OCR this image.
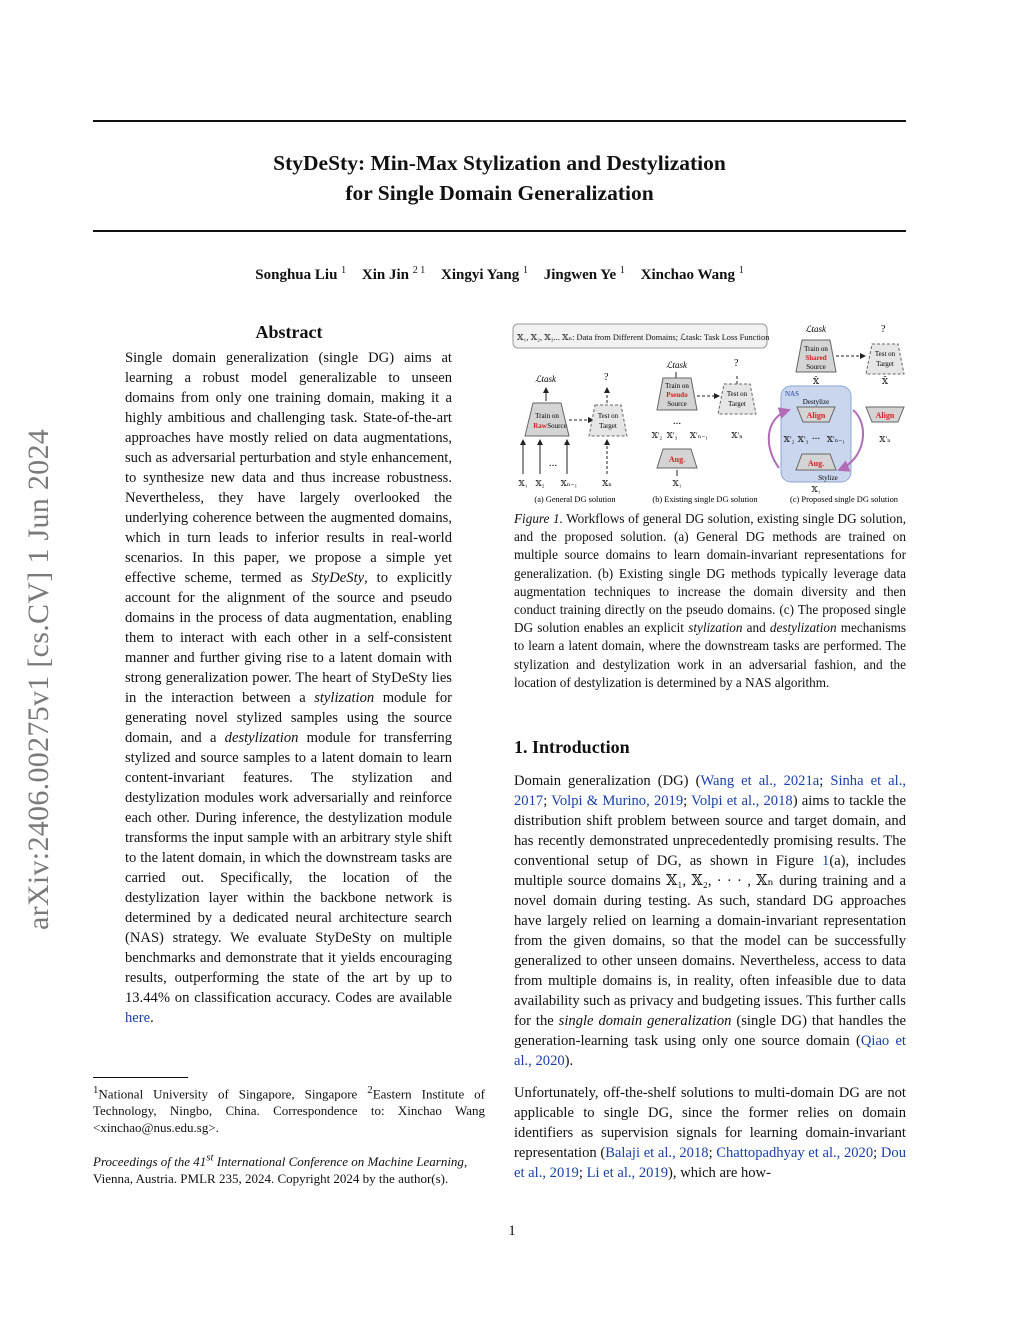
arXiv:2406.00275v1 [cs.CV] 1 Jun 2024
StyDeSty: Min-Max Stylization and Destylization
for Single Domain Generalization
Songhua Liu $^1$ Xin Jin $^{2 1}$ Xingyi Yang $^1$ Jingwen Ye $^1$ Xinchao Wang $^1$
Abstract
Single domain generalization (single DG) aims at learning a robust model generalizable to unseen domains from only one training domain, making it a highly ambitious and challenging task. State-of-the-art approaches have mostly relied on data augmentations, such as adversarial perturbation and style enhancement, to synthesize new data and thus increase robustness. Nevertheless, they have largely overlooked the underlying coherence between the augmented domains, which in turn leads to inferior results in real-world scenarios. In this paper, we propose a simple yet effective scheme, termed as StyDeSty, to explicitly account for the alignment of the source and pseudo domains in the process of data augmentation, enabling them to interact with each other in a self-consistent manner and further giving rise to a latent domain with strong generalization power. The heart of StyDeSty lies in the interaction between a stylization module for generating novel stylized samples using the source domain, and a destylization module for transferring stylized and source samples to a latent domain to learn content-invariant features. The stylization and destylization modules work adversarially and reinforce each other. During inference, the destylization module transforms the input sample with an arbitrary style shift to the latent domain, in which the downstream tasks are carried out. Specifically, the location of the destylization layer within the backbone network is determined by a dedicated neural architecture search (NAS) strategy. We evaluate StyDeSty on multiple benchmarks and demonstrate that it yields encouraging results, outperforming the state of the art by up to 13.44% on classification accuracy. Codes are available here.
$^1$National University of Singapore, Singapore $^2$Eastern Institute of Technology, Ningbo, China. Correspondence to: Xinchao Wang <xinchao@nus.edu.sg>.
Proceedings of the 41st International Conference on Machine Learning, Vienna, Austria. PMLR 235, 2024. Copyright 2024 by the author(s).
𝕏₁, 𝕏₂, 𝕏₃... 𝕏ₙ: Data from Different Domains; ℒtask: Task Loss Function
ℒtask	?
Train on
Raw Source
Test on
Target
...
𝕏₁ 𝕏₂ 𝕏ₙ₋₁	𝕏ₙ
(a) General DG solution
ℒtask	?
Train on
Pseudo
Source
Test on
Target
...
𝕏′₂ 𝕏′₃ 𝕏′ₙ₋₁	𝕏′ₙ
Aug.
𝕏₁
(b) Existing single DG solution
ℒtask	?
NAS
Train on
Shared
Source
Test on
Target
𝕏̃	𝕏̃
Destylize
Align	Align
𝕏′₂ 𝕏′₃ ... 𝕏′ₙ₋₁	𝕏′ₙ
Aug.
Stylize
𝕏₁
(c) Proposed single DG solution
Figure 1. Workflows of general DG solution, existing single DG solution, and the proposed solution. (a) General DG methods are trained on multiple source domains to learn domain-invariant representations for generalization. (b) Existing single DG methods typically leverage data augmentation techniques to increase the domain diversity and then conduct training directly on the pseudo domains. (c) The proposed single DG solution enables an explicit stylization and destylization mechanisms to learn a latent domain, where the downstream tasks are performed. The stylization and destylization work in an adversarial fashion, and the location of destylization is determined by a NAS algorithm.
1. Introduction

Domain generalization (DG) (Wang et al., 2021a; Sinha et al., 2017; Volpi & Murino, 2019; Volpi et al., 2018) aims to tackle the distribution shift problem between source and target domain, and has recently demonstrated unprecedentedly promising results. The conventional setup of DG, as shown in Figure 1(a), includes multiple source domains 𝕏₁, 𝕏₂, · · · , 𝕏ₙ during training and a novel domain during testing. As such, standard DG approaches have largely relied on learning a domain-invariant representation from the given domains, so that the model can be successfully generalized to other unseen domains. Nevertheless, access to data from multiple domains is, in reality, often infeasible due to data availability such as privacy and budgeting issues. This further calls for the single domain generalization (single DG) that handles the generation-learning task using only one source domain (Qiao et al., 2020).

Unfortunately, off-the-shelf solutions to multi-domain DG are not applicable to single DG, since the former relies on domain identifiers as supervision signals for learning domain-invariant representation (Balaji et al., 2018; Chattopadhyay et al., 2020; Dou et al., 2019; Li et al., 2019), which are how-

1
